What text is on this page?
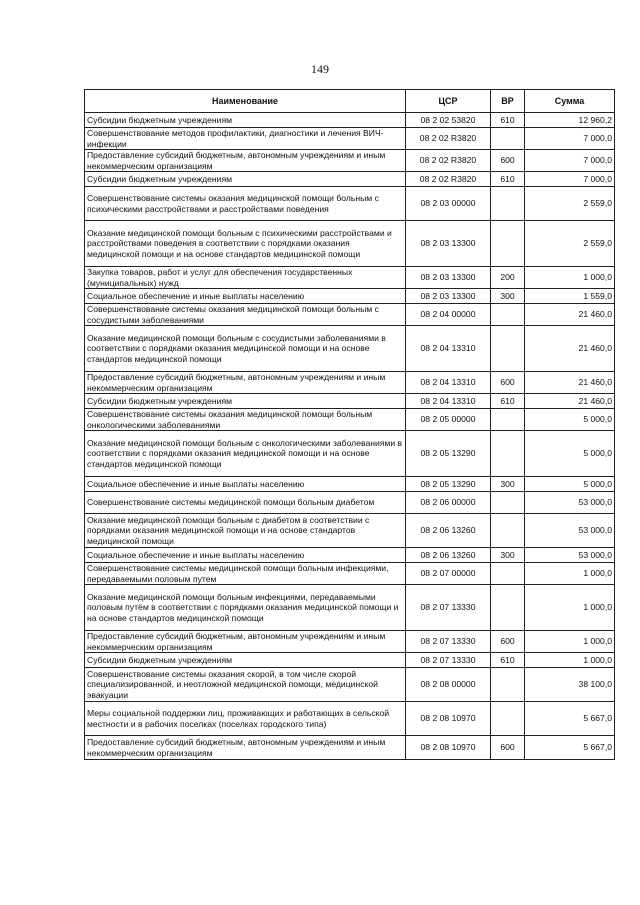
149
Наименование	ЦСР	ВР	Сумма
Субсидии бюджетным учреждениям	08 2 02 53820	610	12 960,2
Совершенствование методов профилактики, диагностики и лечения ВИЧ-инфекции	08 2 02 R3820		7 000,0
Предоставление субсидий бюджетным, автономным учреждениям и иным некоммерческим организациям	08 2 02 R3820	600	7 000,0
Субсидии бюджетным учреждениям	08 2 02 R3820	610	7 000,0
Совершенствование системы оказания медицинской помощи больным с психическими расстройствами и расстройствами поведения	08 2 03 00000		2 559,0
Оказание медицинской помощи больным с психическими расстройствами и расстройствами поведения в соответствии с порядками оказания медицинской помощи и на основе стандартов медицинской помощи	08 2 03 13300		2 559,0
Закупка товаров, работ и услуг для обеспечения государственных (муниципальных) нужд	08 2 03 13300	200	1 000,0
Социальное обеспечение и иные выплаты населению	08 2 03 13300	300	1 559,0
Совершенствование системы оказания медицинской помощи больным с сосудистыми заболеваниями	08 2 04 00000		21 460,0
Оказание медицинской помощи больным с сосудистыми заболеваниями в соответствии с порядками оказания медицинской помощи и на основе стандартов медицинской помощи	08 2 04 13310		21 460,0
Предоставление субсидий бюджетным, автономным учреждениям и иным некоммерческим организациям	08 2 04 13310	600	21 460,0
Субсидии бюджетным учреждениям	08 2 04 13310	610	21 460,0
Совершенствование системы оказания медицинской помощи больным онкологическими заболеваниями	08 2 05 00000		5 000,0
Оказание медицинской помощи больным с онкологическими заболеваниями в соответствии с порядками оказания медицинской помощи и на основе стандартов медицинской помощи	08 2 05 13290		5 000,0
Социальное обеспечение и иные выплаты населению	08 2 05 13290	300	5 000,0
Совершенствование системы медицинской помощи больным диабетом	08 2 06 00000		53 000,0
Оказание медицинской помощи больным с диабетом в соответствии с порядками оказания медицинской помощи и на основе стандартов медицинской помощи	08 2 06 13260		53 000,0
Социальное обеспечение и иные выплаты населению	08 2 06 13260	300	53 000,0
Совершенствование системы медицинской помощи больным инфекциями, передаваемыми половым путем	08 2 07 00000		1 000,0
Оказание медицинской помощи больным инфекциями, передаваемыми половым путём в соответствии с порядками оказания медицинской помощи и на основе стандартов медицинской помощи	08 2 07 13330		1 000,0
Предоставление субсидий бюджетным, автономным учреждениям и иным некоммерческим организациям	08 2 07 13330	600	1 000,0
Субсидии бюджетным учреждениям	08 2 07 13330	610	1 000,0
Совершенствование системы оказания скорой, в том числе скорой специализированной, и неотложной медицинской помощи, медицинской эвакуации	08 2 08 00000		38 100,0
Меры социальной поддержки лиц, проживающих и работающих в сельской местности и в рабочих поселках (поселках городского типа)	08 2 08 10970		5 667,0
Предоставление субсидий бюджетным, автономным учреждениям и иным некоммерческим организациям	08 2 08 10970	600	5 667,0
